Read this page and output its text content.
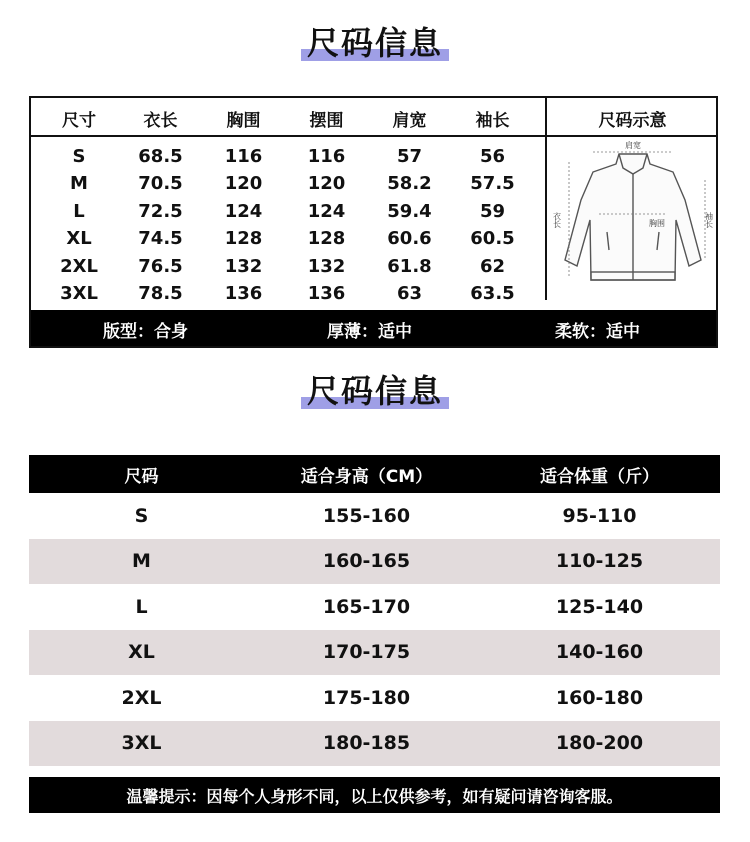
尺码信息
尺寸	衣长	胸围	摆围	肩宽	袖长	尺码示意
S	68.5	116	116	57	56
M	70.5	120	120	58.2	57.5
L	72.5	124	124	59.4	59
XL	74.5	128	128	60.6	60.5
2XL	76.5	132	132	61.8	62
3XL	78.5	136	136	63	63.5
肩宽
胸围
衣长	袖长
版型：合身	厚薄：适中	柔软：适中
尺码信息
尺码	适合身高（CM）	适合体重（斤）
S	155-160	95-110
M	160-165	110-125
L	165-170	125-140
XL	170-175	140-160
2XL	175-180	160-180
3XL	180-185	180-200
温馨提示：因每个人身形不同，以上仅供参考，如有疑问请咨询客服。
